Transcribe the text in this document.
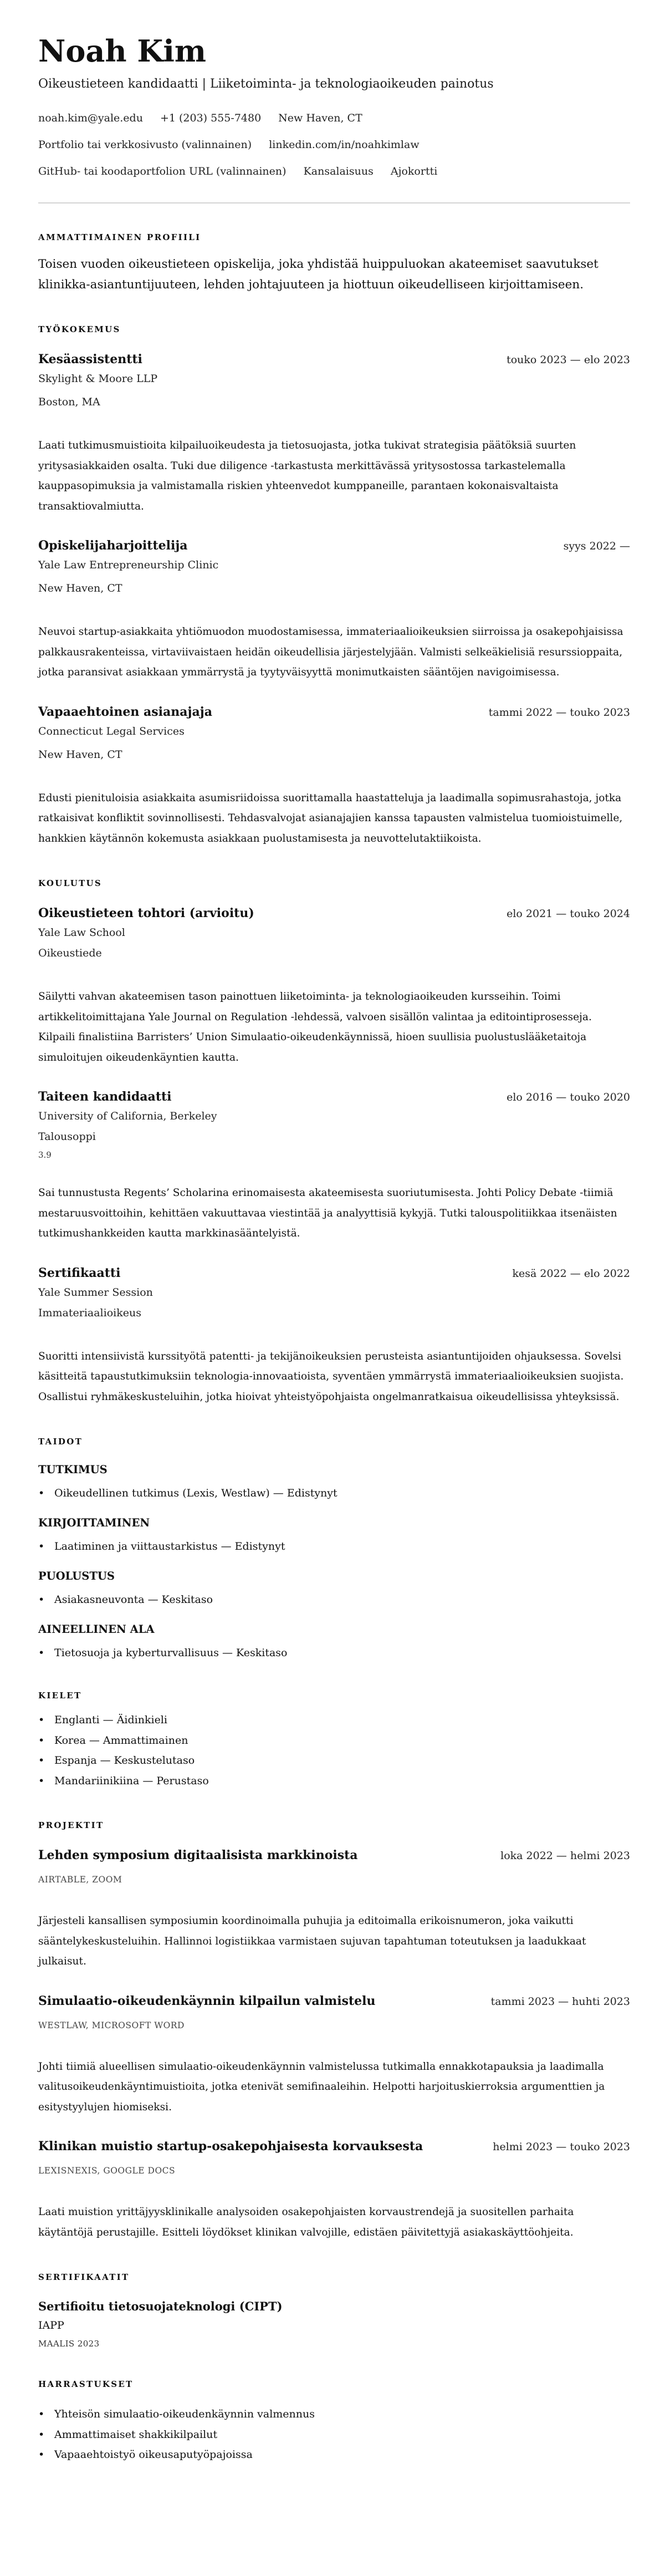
Noah Kim
Oikeustieteen kandidaatti | Liiketoiminta- ja teknologiaoikeuden painotus
noah.kim@yale.edu +1 (203) 555-7480 New Haven, CT
Portfolio tai verkkosivusto (valinnainen) linkedin.com/in/noahkimlaw
GitHub- tai koodaportfolion URL (valinnainen) Kansalaisuus Ajokortti
AMMATTIMAINEN PROFIILI
Toisen vuoden oikeustieteen opiskelija, joka yhdistää huippuluokan akateemiset saavutukset klinikka-asiantuntijuuteen, lehden johtajuuteen ja hiottuun oikeudelliseen kirjoittamiseen.
TYÖKOKEMUS
Kesäassistentti	touko 2023 — elo 2023
Skylight & Moore LLP
Boston, MA
Laati tutkimusmuistioita kilpailuoikeudesta ja tietosuojasta, jotka tukivat strategisia päätöksiä suurten yritysasiakkaiden osalta. Tuki due diligence -tarkastusta merkittävässä yritysostossa tarkastelemalla kauppasopimuksia ja valmistamalla riskien yhteenvedot kumppaneille, parantaen kokonaisvaltaista transaktiovalmiutta.
Opiskelijaharjoittelija	syys 2022 —
Yale Law Entrepreneurship Clinic
New Haven, CT
Neuvoi startup-asiakkaita yhtiömuodon muodostamisessa, immateriaalioikeuksien siirroissa ja osakepohjaisissa palkkausrakenteissa, virtaviivaistaen heidän oikeudellisia järjestelyjään. Valmisti selkeäkielisiä resurssioppaita, jotka paransivat asiakkaan ymmärrystä ja tyytyväisyyttä monimutkaisten sääntöjen navigoimisessa.
Vapaaehtoinen asianajaja	tammi 2022 — touko 2023
Connecticut Legal Services
New Haven, CT
Edusti pienituloisia asiakkaita asumisriidoissa suorittamalla haastatteluja ja laadimalla sopimusrahastoja, jotka ratkaisivat konfliktit sovinnollisesti. Tehdasvalvojat asianajajien kanssa tapausten valmistelua tuomioistuimelle, hankkien käytännön kokemusta asiakkaan puolustamisesta ja neuvottelutaktiikoista.
KOULUTUS
Oikeustieteen tohtori (arvioitu)	elo 2021 — touko 2024
Yale Law School
Oikeustiede
Säilytti vahvan akateemisen tason painottuen liiketoiminta- ja teknologiaoikeuden kursseihin. Toimi artikkelitoimittajana Yale Journal on Regulation -lehdessä, valvoen sisällön valintaa ja editointiprosesseja. Kilpaili finalistiina Barristers’ Union Simulaatio-oikeudenkäynnissä, hioen suullisia puolustuslääketaitoja simuloitujen oikeudenkäyntien kautta.
Taiteen kandidaatti	elo 2016 — touko 2020
University of California, Berkeley
Talousoppi
3.9
Sai tunnustusta Regents’ Scholarina erinomaisesta akateemisesta suoriutumisesta. Johti Policy Debate -tiimiä mestaruusvoittoihin, kehittäen vakuuttavaa viestintää ja analyyttisiä kykyjä. Tutki talouspolitiikkaa itsenäisten tutkimushankkeiden kautta markkinasääntelyistä.
Sertifikaatti	kesä 2022 — elo 2022
Yale Summer Session
Immateriaalioikeus
Suoritti intensiivistä kurssityötä patentti- ja tekijänoikeuksien perusteista asiantuntijoiden ohjauksessa. Sovelsi käsitteitä tapaustutkimuksiin teknologia-innovaatioista, syventäen ymmärrystä immateriaalioikeuksien suojista. Osallistui ryhmäkeskusteluihin, jotka hioivat yhteistyöpohjaista ongelmanratkaisua oikeudellisissa yhteyksissä.
TAIDOT
TUTKIMUS
• Oikeudellinen tutkimus (Lexis, Westlaw) — Edistynyt
KIRJOITTAMINEN
• Laatiminen ja viittaustarkistus — Edistynyt
PUOLUSTUS
• Asiakasneuvonta — Keskitaso
AINEELLINEN ALA
• Tietosuoja ja kyberturvallisuus — Keskitaso
KIELET
• Englanti — Äidinkieli
• Korea — Ammattimainen
• Espanja — Keskustelutaso
• Mandariinikiina — Perustaso
PROJEKTIT
Lehden symposium digitaalisista markkinoista	loka 2022 — helmi 2023
AIRTABLE, ZOOM
Järjesteli kansallisen symposiumin koordinoimalla puhujia ja editoimalla erikoisnumeron, joka vaikutti sääntelykeskusteluihin. Hallinnoi logistiikkaa varmistaen sujuvan tapahtuman toteutuksen ja laadukkaat julkaisut.
Simulaatio-oikeudenkäynnin kilpailun valmistelu	tammi 2023 — huhti 2023
WESTLAW, MICROSOFT WORD
Johti tiimiä alueellisen simulaatio-oikeudenkäynnin valmistelussa tutkimalla ennakkotapauksia ja laadimalla valitusoikeudenkäyntimuistioita, jotka etenivät semifinaaleihin. Helpotti harjoituskierroksia argumenttien ja esitystyylujen hiomiseksi.
Klinikan muistio startup-osakepohjaisesta korvauksesta	helmi 2023 — touko 2023
LEXISNEXIS, GOOGLE DOCS
Laati muistion yrittäjyysklinikalle analysoiden osakepohjaisten korvaustrendejä ja suositellen parhaita käytäntöjä perustajille. Esitteli löydökset klinikan valvojille, edistäen päivitettyjä asiakaskäyttöohjeita.
SERTIFIKAATIT
Sertifioitu tietosuojateknologi (CIPT)
IAPP
MAALIS 2023
HARRASTUKSET
• Yhteisön simulaatio-oikeudenkäynnin valmennus
• Ammattimaiset shakkikilpailut
• Vapaaehtoistyö oikeusaputyöpajoissa
